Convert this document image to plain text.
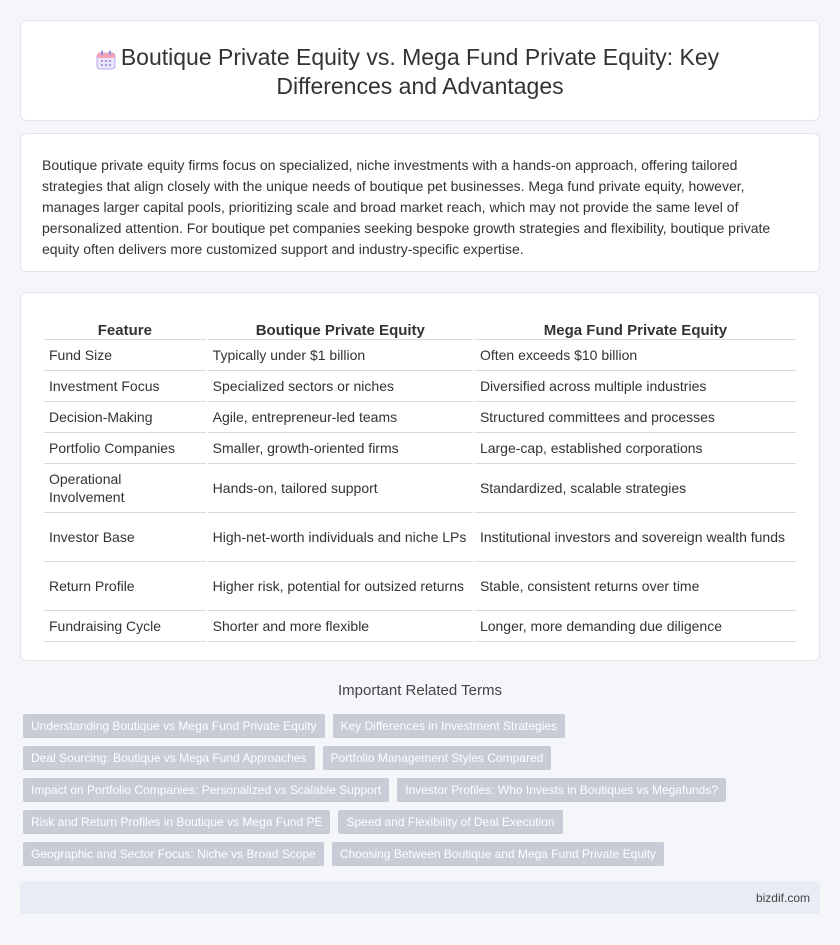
Boutique Private Equity vs. Mega Fund Private Equity: Key Differences and Advantages

Boutique private equity firms focus on specialized, niche investments with a hands-on approach, offering tailored strategies that align closely with the unique needs of boutique pet businesses. Mega fund private equity, however, manages larger capital pools, prioritizing scale and broad market reach, which may not provide the same level of personalized attention. For boutique pet companies seeking bespoke growth strategies and flexibility, boutique private equity often delivers more customized support and industry-specific expertise.

Feature	Boutique Private Equity	Mega Fund Private Equity
Fund Size	Typically under $1 billion	Often exceeds $10 billion
Investment Focus	Specialized sectors or niches	Diversified across multiple industries
Decision-Making	Agile, entrepreneur-led teams	Structured committees and processes
Portfolio Companies	Smaller, growth-oriented firms	Large-cap, established corporations
Operational Involvement	Hands-on, tailored support	Standardized, scalable strategies
Investor Base	High-net-worth individuals and niche LPs	Institutional investors and sovereign wealth funds
Return Profile	Higher risk, potential for outsized returns	Stable, consistent returns over time
Fundraising Cycle	Shorter and more flexible	Longer, more demanding due diligence
Important Related Terms
Understanding Boutique vs Mega Fund Private Equity	Key Differences in Investment Strategies
Deal Sourcing: Boutique vs Mega Fund Approaches	Portfolio Management Styles Compared
Impact on Portfolio Companies: Personalized vs Scalable Support	Investor Profiles: Who Invests in Boutiques vs Megafunds?
Risk and Return Profiles in Boutique vs Mega Fund PE	Speed and Flexibility of Deal Execution
Geographic and Sector Focus: Niche vs Broad Scope	Choosing Between Boutique and Mega Fund Private Equity
bizdif.com
